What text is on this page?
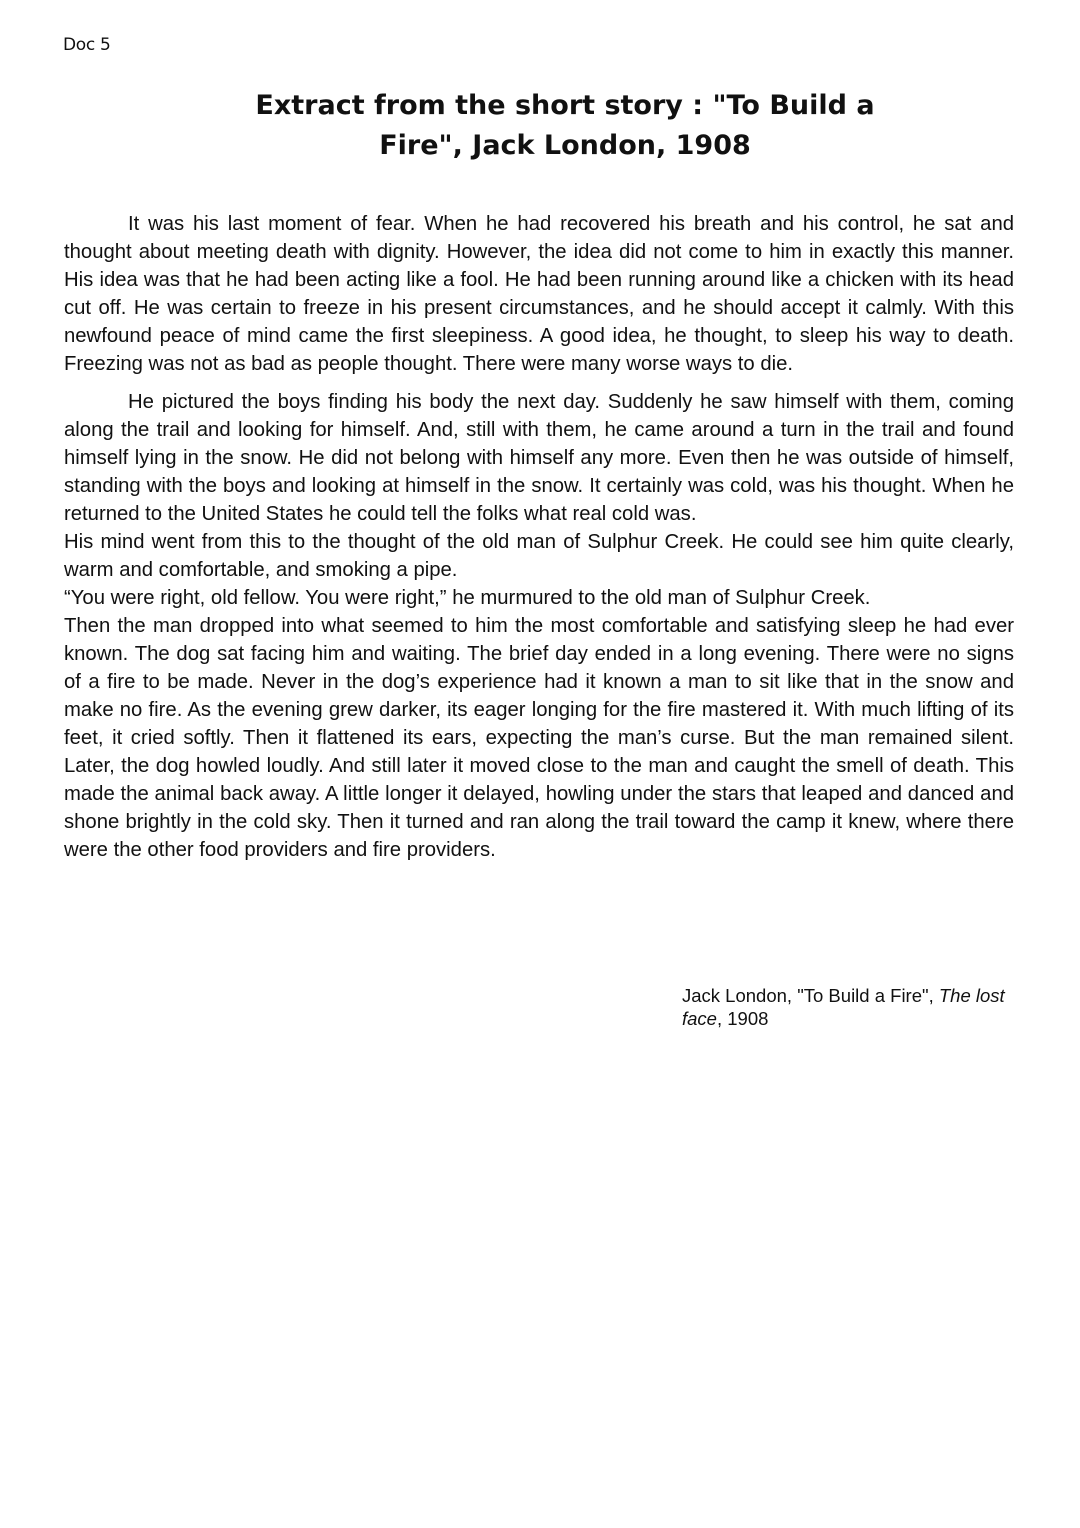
Doc 5
Extract from the short story : "To Build a
Fire", Jack London, 1908

It was his last moment of fear. When he had recovered his breath and his control, he sat and thought about meeting death with dignity. However, the idea did not come to him in exactly this manner. His idea was that he had been acting like a fool. He had been running around like a chicken with its head cut off. He was certain to freeze in his present circumstances, and he should accept it calmly. With this newfound peace of mind came the first sleepiness. A good idea, he thought, to sleep his way to death. Freezing was not as bad as people thought. There were many worse ways to die.

He pictured the boys finding his body the next day. Suddenly he saw himself with them, coming along the trail and looking for himself. And, still with them, he came around a turn in the trail and found himself lying in the snow. He did not belong with himself any more. Even then he was outside of himself, standing with the boys and looking at himself in the snow. It certainly was cold, was his thought. When he returned to the United States he could tell the folks what real cold was.

His mind went from this to the thought of the old man of Sulphur Creek. He could see him quite clearly, warm and comfortable, and smoking a pipe.

“You were right, old fellow. You were right,” he murmured to the old man of Sulphur Creek.

Then the man dropped into what seemed to him the most comfortable and satisfying sleep he had ever known. The dog sat facing him and waiting. The brief day ended in a long evening. There were no signs of a fire to be made. Never in the dog’s experience had it known a man to sit like that in the snow and make no fire. As the evening grew darker, its eager longing for the fire mastered it. With much lifting of its feet, it cried softly. Then it flattened its ears, expecting the man’s curse. But the man remained silent. Later, the dog howled loudly. And still later it moved close to the man and caught the smell of death. This made the animal back away. A little longer it delayed, howling under the stars that leaped and danced and shone brightly in the cold sky. Then it turned and ran along the trail toward the camp it knew, where there were the other food providers and fire providers.

Jack London, "To Build a Fire", The lost face, 1908
